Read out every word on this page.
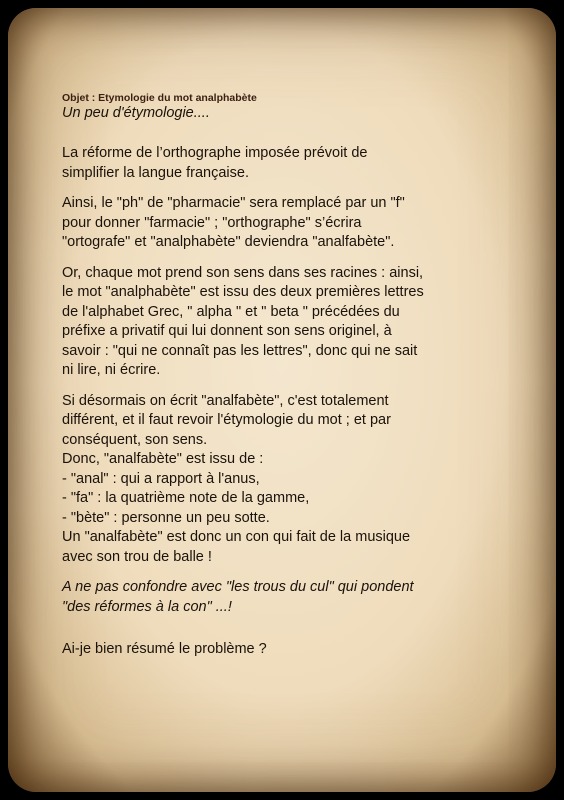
Objet : Etymologie du mot analphabète

Un peu d'étymologie....

La réforme de l’orthographe imposée prévoit de
simplifier la langue française.

Ainsi, le "ph" de "pharmacie" sera remplacé par un "f"
pour donner "farmacie" ; "orthographe" s’écrira
"ortografe" et "analphabète" deviendra "analfabète".

Or, chaque mot prend son sens dans ses racines : ainsi,
le mot "analphabète" est issu des deux premières lettres
de l'alphabet Grec, " alpha " et " beta " précédées du
préfixe a privatif qui lui donnent son sens originel, à
savoir : "qui ne connaît pas les lettres", donc qui ne sait
ni lire, ni écrire.

Si désormais on écrit "analfabète", c'est totalement
différent, et il faut revoir l'étymologie du mot ; et par
conséquent, son sens.
Donc, "analfabète" est issu de :
- "anal" : qui a rapport à l'anus,
- "fa" : la quatrième note de la gamme,
- "bète" : personne un peu sotte.
Un "analfabète" est donc un con qui fait de la musique
avec son trou de balle !

A ne pas confondre avec "les trous du cul" qui pondent
"des réformes à la con" ...!

Ai-je bien résumé le problème ?
